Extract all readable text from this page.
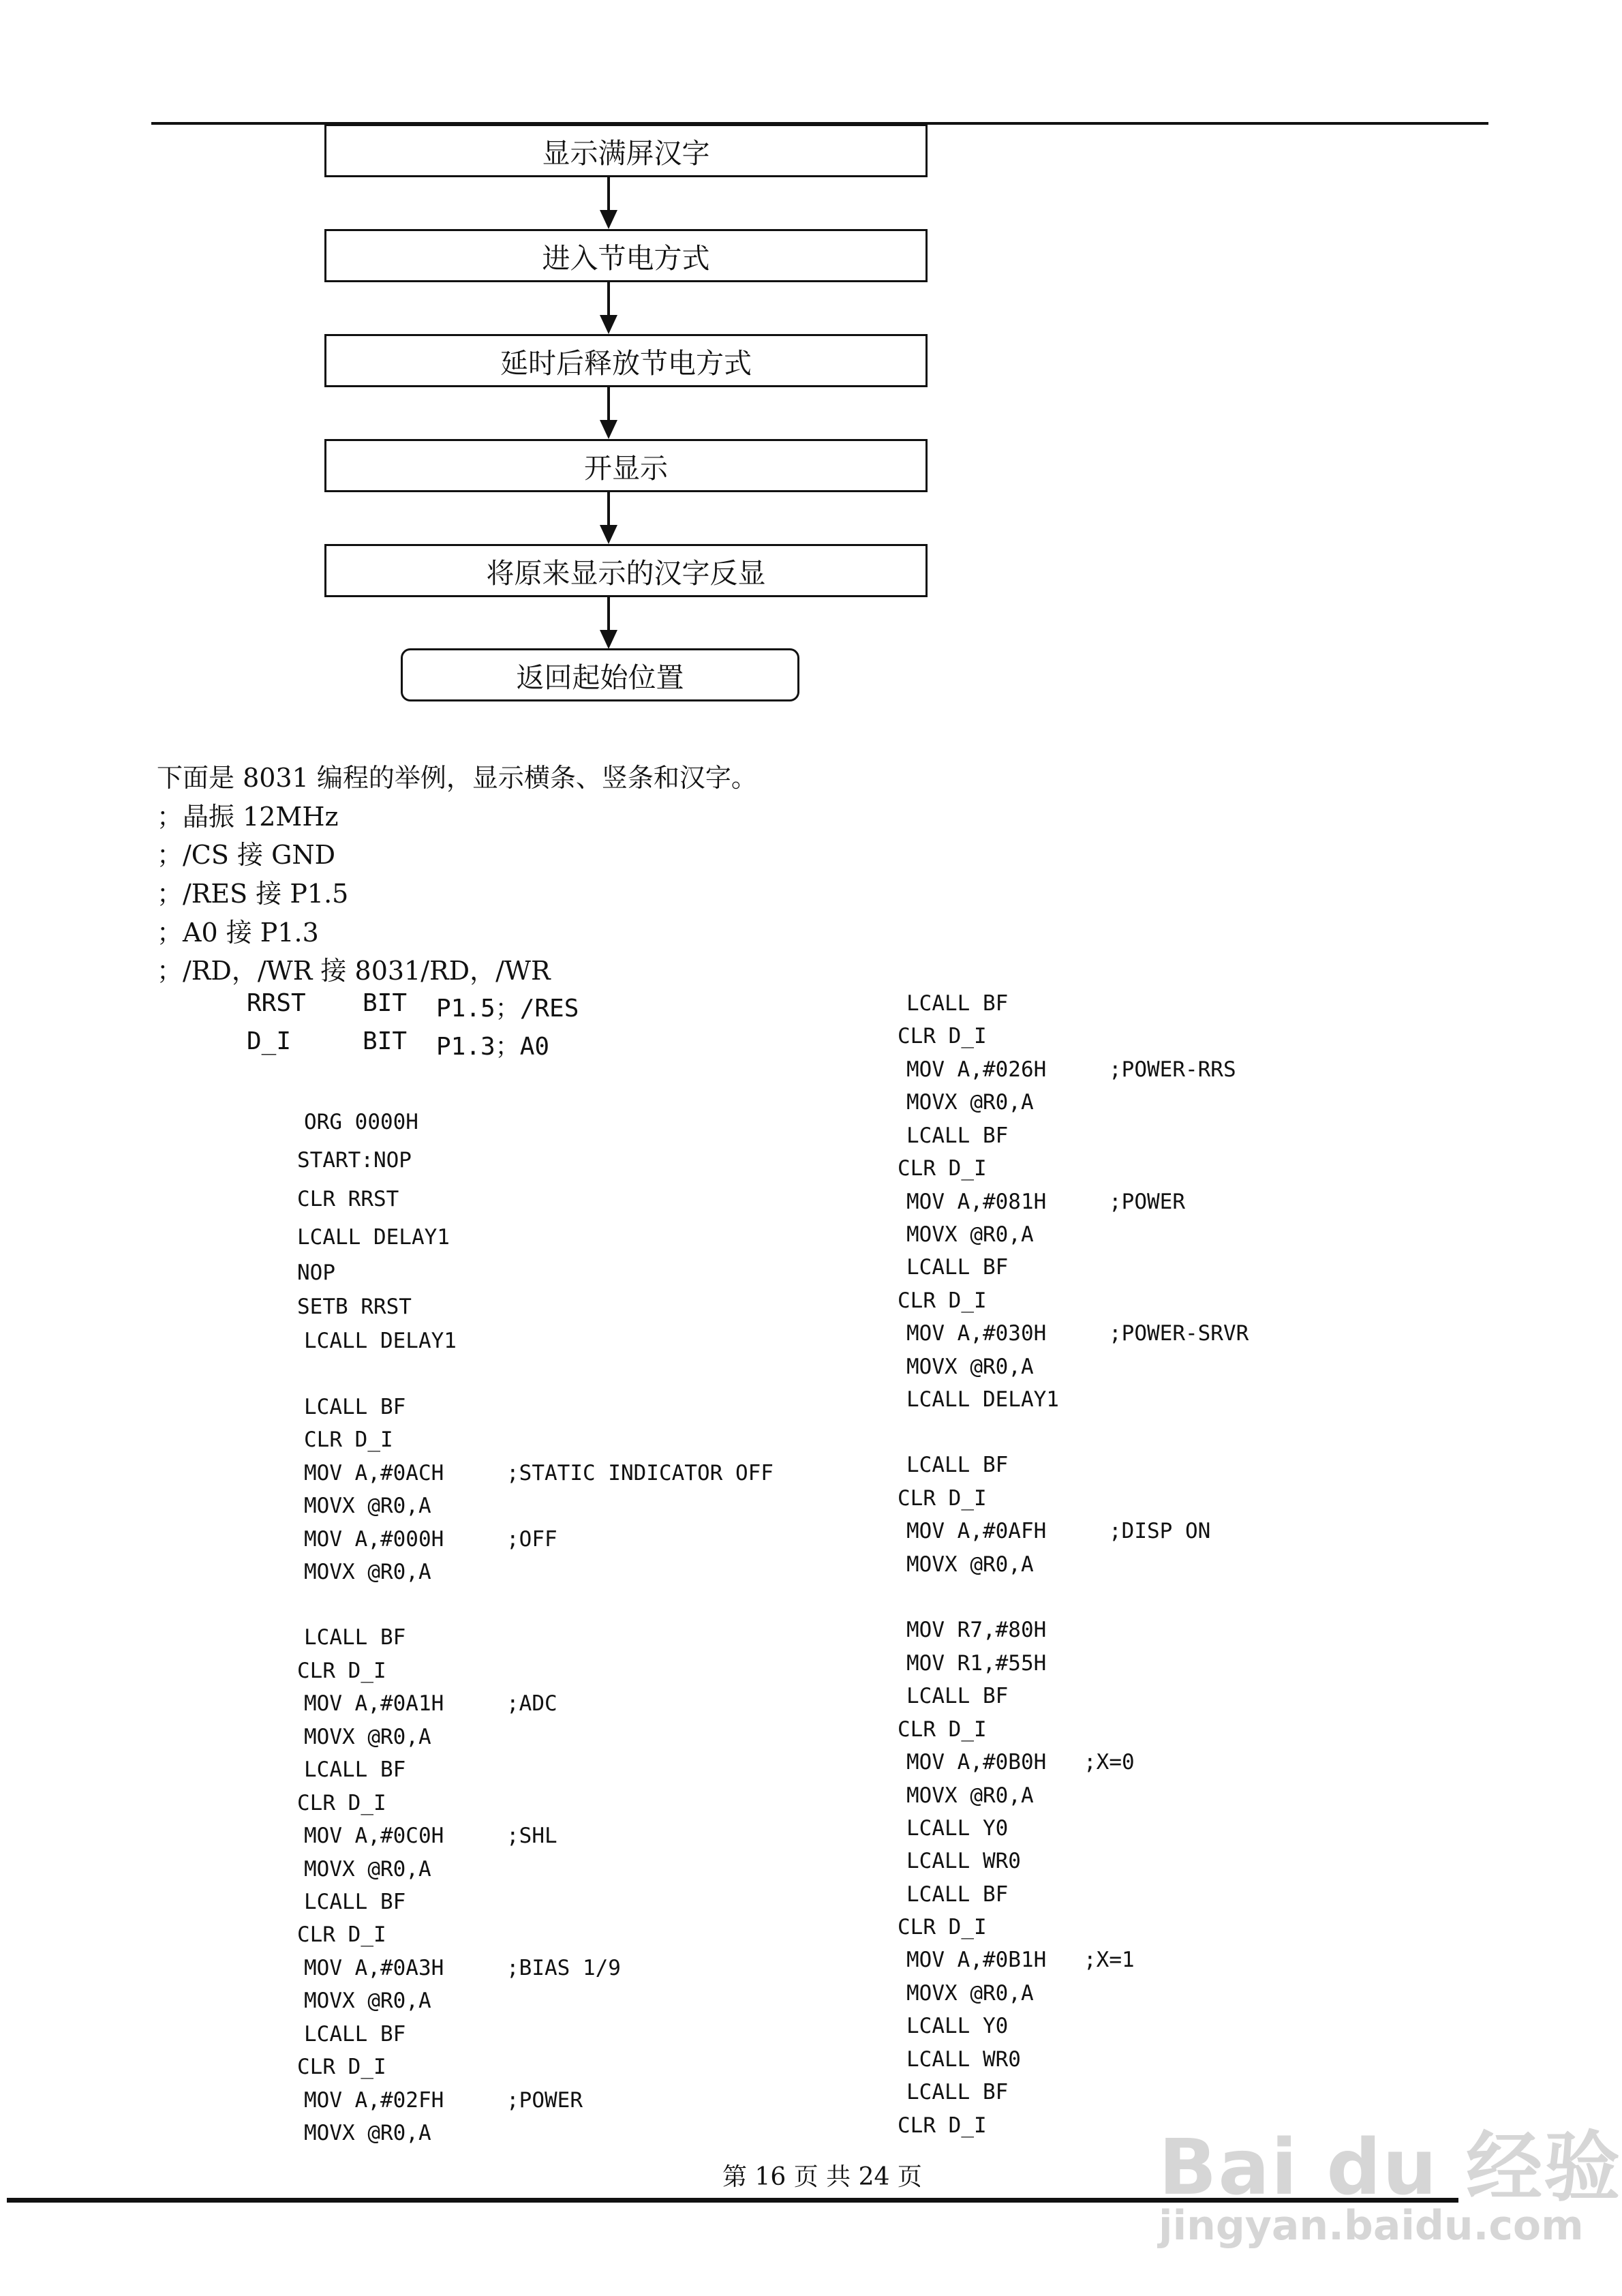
显示满屏汉字
进入节电方式
延时后释放节电方式
开显示
将原来显示的汉字反显
返回起始位置
下面是 8031 编程的举例，显示横条、竖条和汉字。
；晶振 12MHz
；/CS 接 GND
；/RES 接 P1.5
；A0 接 P1.3
；/RD，/WR 接 8031/RD，/WR
RRST BIT P1.5；/RES
D_I	BIT P1.3；A0
ORG 0000H
START:NOP
CLR RRST
LCALL DELAY1
NOP
SETB RRST
LCALL DELAY1
LCALL BF
CLR D_I
MOV A,#0ACH	;STATIC INDICATOR OFF
MOVX @R0,A
MOV A,#000H	;OFF
MOVX @R0,A
LCALL BF
CLR D_I
MOV A,#0A1H	;ADC
MOVX @R0,A
LCALL BF
CLR D_I
MOV A,#0C0H	;SHL
MOVX @R0,A
LCALL BF
CLR D_I
MOV A,#0A3H	;BIAS 1/9
MOVX @R0,A
LCALL BF
CLR D_I
MOV A,#02FH	;POWER
MOVX @R0,A
LCALL BF
CLR D_I
MOV A,#026H	;POWER-RRS
MOVX @R0,A
LCALL BF
CLR D_I
MOV A,#081H	;POWER
MOVX @R0,A
LCALL BF
CLR D_I
MOV A,#030H	;POWER-SRVR
MOVX @R0,A
LCALL DELAY1
LCALL BF
CLR D_I
MOV A,#0AFH	;DISP ON
MOVX @R0,A
MOV R7,#80H
MOV R1,#55H
LCALL BF
CLR D_I
MOV A,#0B0H ;X=0
MOVX @R0,A
LCALL Y0
LCALL WR0
LCALL BF
CLR D_I
MOV A,#0B1H ;X=1
MOVX @R0,A
LCALL Y0
LCALL WR0
LCALL BF
CLR D_I
第 16 页 共 24 页	Bai du 经验
jingyan.baidu.com
